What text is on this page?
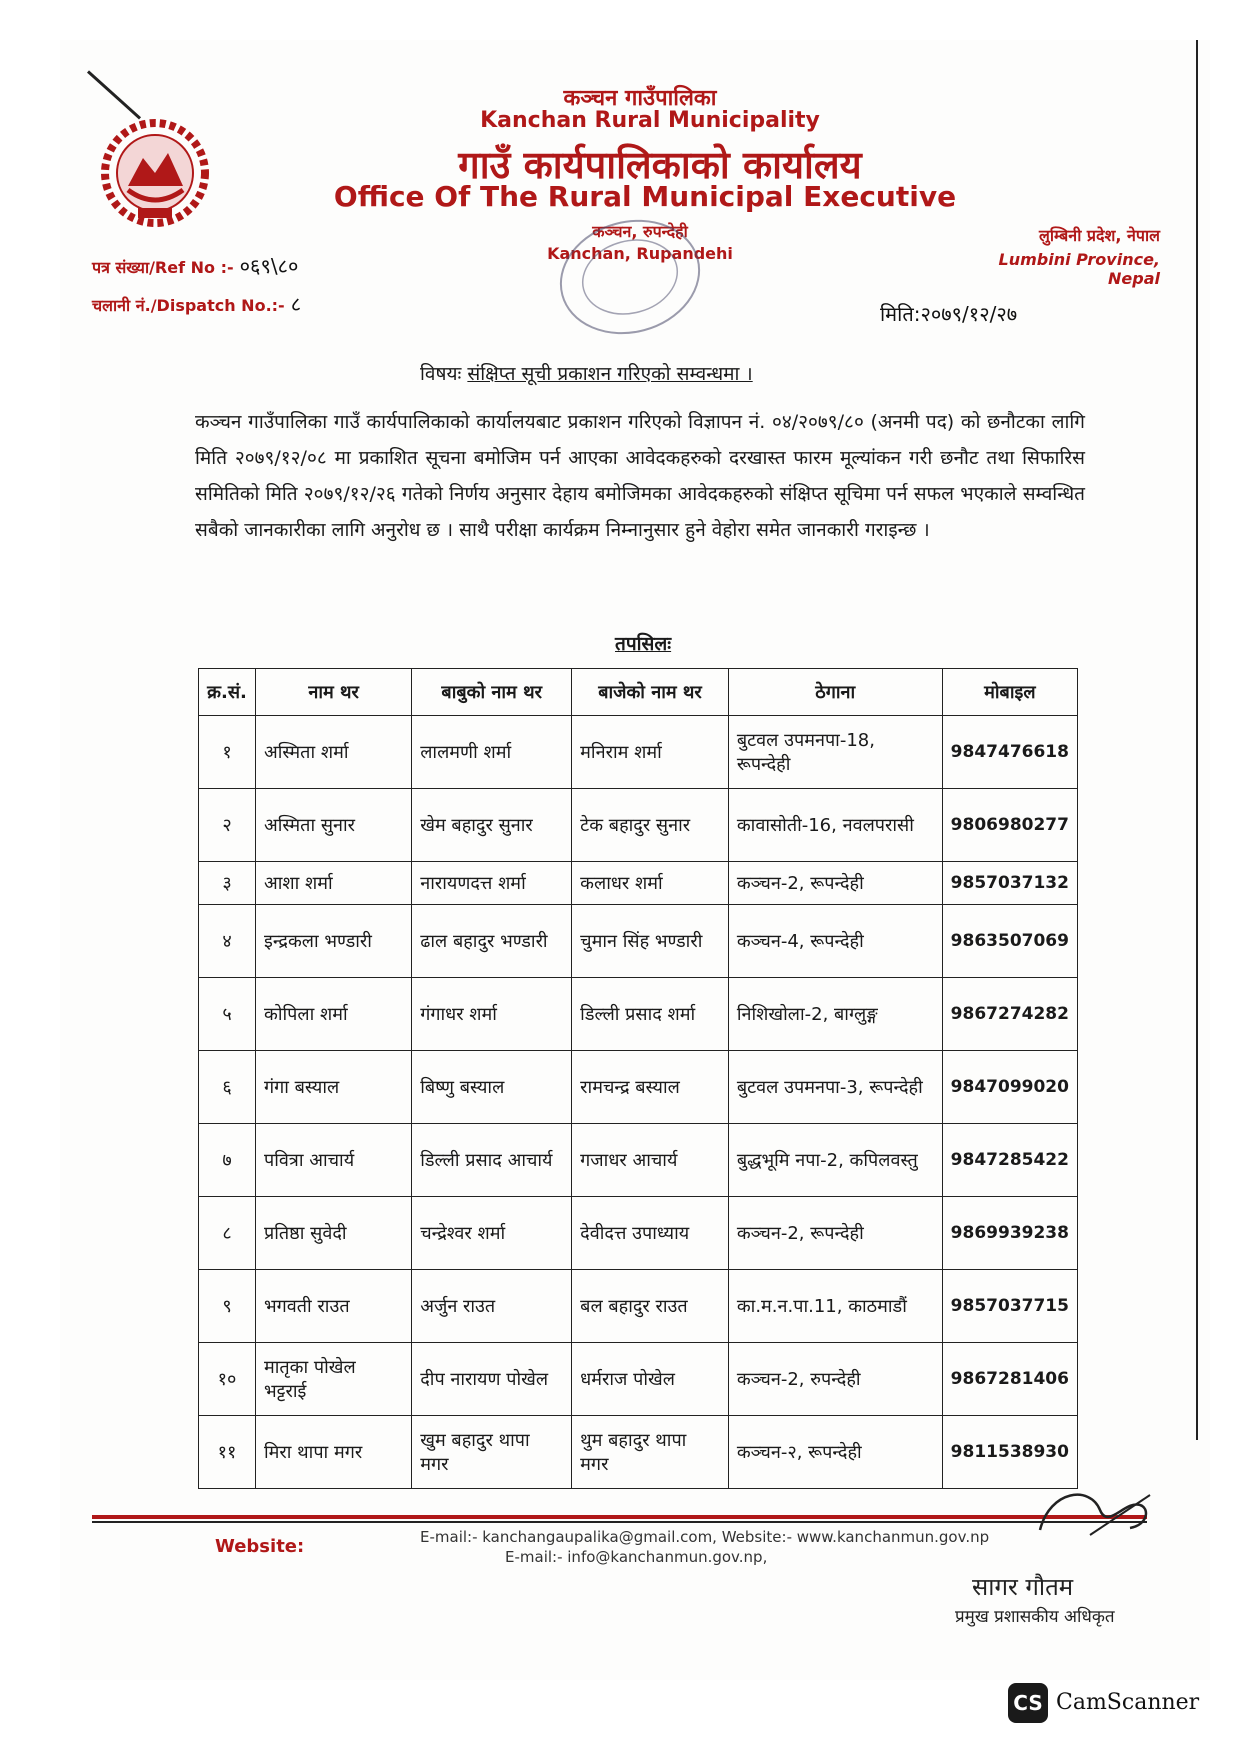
कञ्चन गाउँपालिका
Kanchan Rural Municipality
गाउँ कार्यपालिकाको कार्यालय
Office Of The Rural Municipal Executive
कञ्चन, रुपन्देही
Kanchan, Rupandehi
पत्र संख्या/Ref No :- ०६९\८०
चलानी नं./Dispatch No.:- ८
लुम्बिनी प्रदेश, नेपाल
Lumbini Province, Nepal
मिति:२०७९/१२/२७
विषयः संक्षिप्त सूची प्रकाशन गरिएको सम्वन्धमा ।
कञ्चन गाउँपालिका गाउँ कार्यपालिकाको कार्यालयबाट प्रकाशन गरिएको विज्ञापन नं. ०४/२०७९/८० (अनमी पद) को छनौटका लागि मिति २०७९/१२/०८ मा प्रकाशित सूचना बमोजिम पर्न आएका आवेदकहरुको दरखास्त फारम मूल्यांकन गरी छनौट तथा सिफारिस समितिको मिति २०७९/१२/२६ गतेको निर्णय अनुसार देहाय बमोजिमका आवेदकहरुको संक्षिप्त सूचिमा पर्न सफल भएकाले सम्वन्धित सबैको जानकारीका लागि अनुरोध छ । साथै परीक्षा कार्यक्रम निम्नानुसार हुने वेहोरा समेत जानकारी गराइन्छ ।
तपसिलः
क्र.सं.	नाम थर	बाबुको नाम थर	बाजेको नाम थर	ठेगाना	मोबाइल
१	अस्मिता शर्मा	लालमणी शर्मा	मनिराम शर्मा	बुटवल उपमनपा-18, रूपन्देही	9847476618
२	अस्मिता सुनार	खेम बहादुर सुनार	टेक बहादुर सुनार	कावासोती-16, नवलपरासी	9806980277
३	आशा शर्मा	नारायणदत्त शर्मा	कलाधर शर्मा	कञ्चन-2, रूपन्देही	9857037132
४	इन्द्रकला भण्डारी	ढाल बहादुर भण्डारी	चुमान सिंह भण्डारी	कञ्चन-4, रूपन्देही	9863507069
५	कोपिला शर्मा	गंगाधर शर्मा	डिल्ली प्रसाद शर्मा	निशिखोला-2, बाग्लुङ्ग	9867274282
६	गंगा बस्याल	बिष्णु बस्याल	रामचन्द्र बस्याल	बुटवल उपमनपा-3, रूपन्देही	9847099020
७	पवित्रा आचार्य	डिल्ली प्रसाद आचार्य	गजाधर आचार्य	बुद्धभूमि नपा-2, कपिलवस्तु	9847285422
८	प्रतिष्ठा सुवेदी	चन्द्रेश्वर शर्मा	देवीदत्त उपाध्याय	कञ्चन-2, रूपन्देही	9869939238
९	भगवती राउत	अर्जुन राउत	बल बहादुर राउत	का.म.न.पा.11, काठमाडौं	9857037715
१०	मातृका पोखेल भट्टराई	दीप नारायण पोखेल	धर्मराज पोखेल	कञ्चन-2, रुपन्देही	9867281406
११	मिरा थापा मगर	खुम बहादुर थापा मगर	थुम बहादुर थापा मगर	कञ्चन-२, रूपन्देही	9811538930
Website:	E-mail:- kanchangaupalika@gmail.com, Website:- www.kanchanmun.gov.np
E-mail:- info@kanchanmun.gov.np,
सागर गौतम
प्रमुख प्रशासकीय अधिकृत
CS CamScanner
